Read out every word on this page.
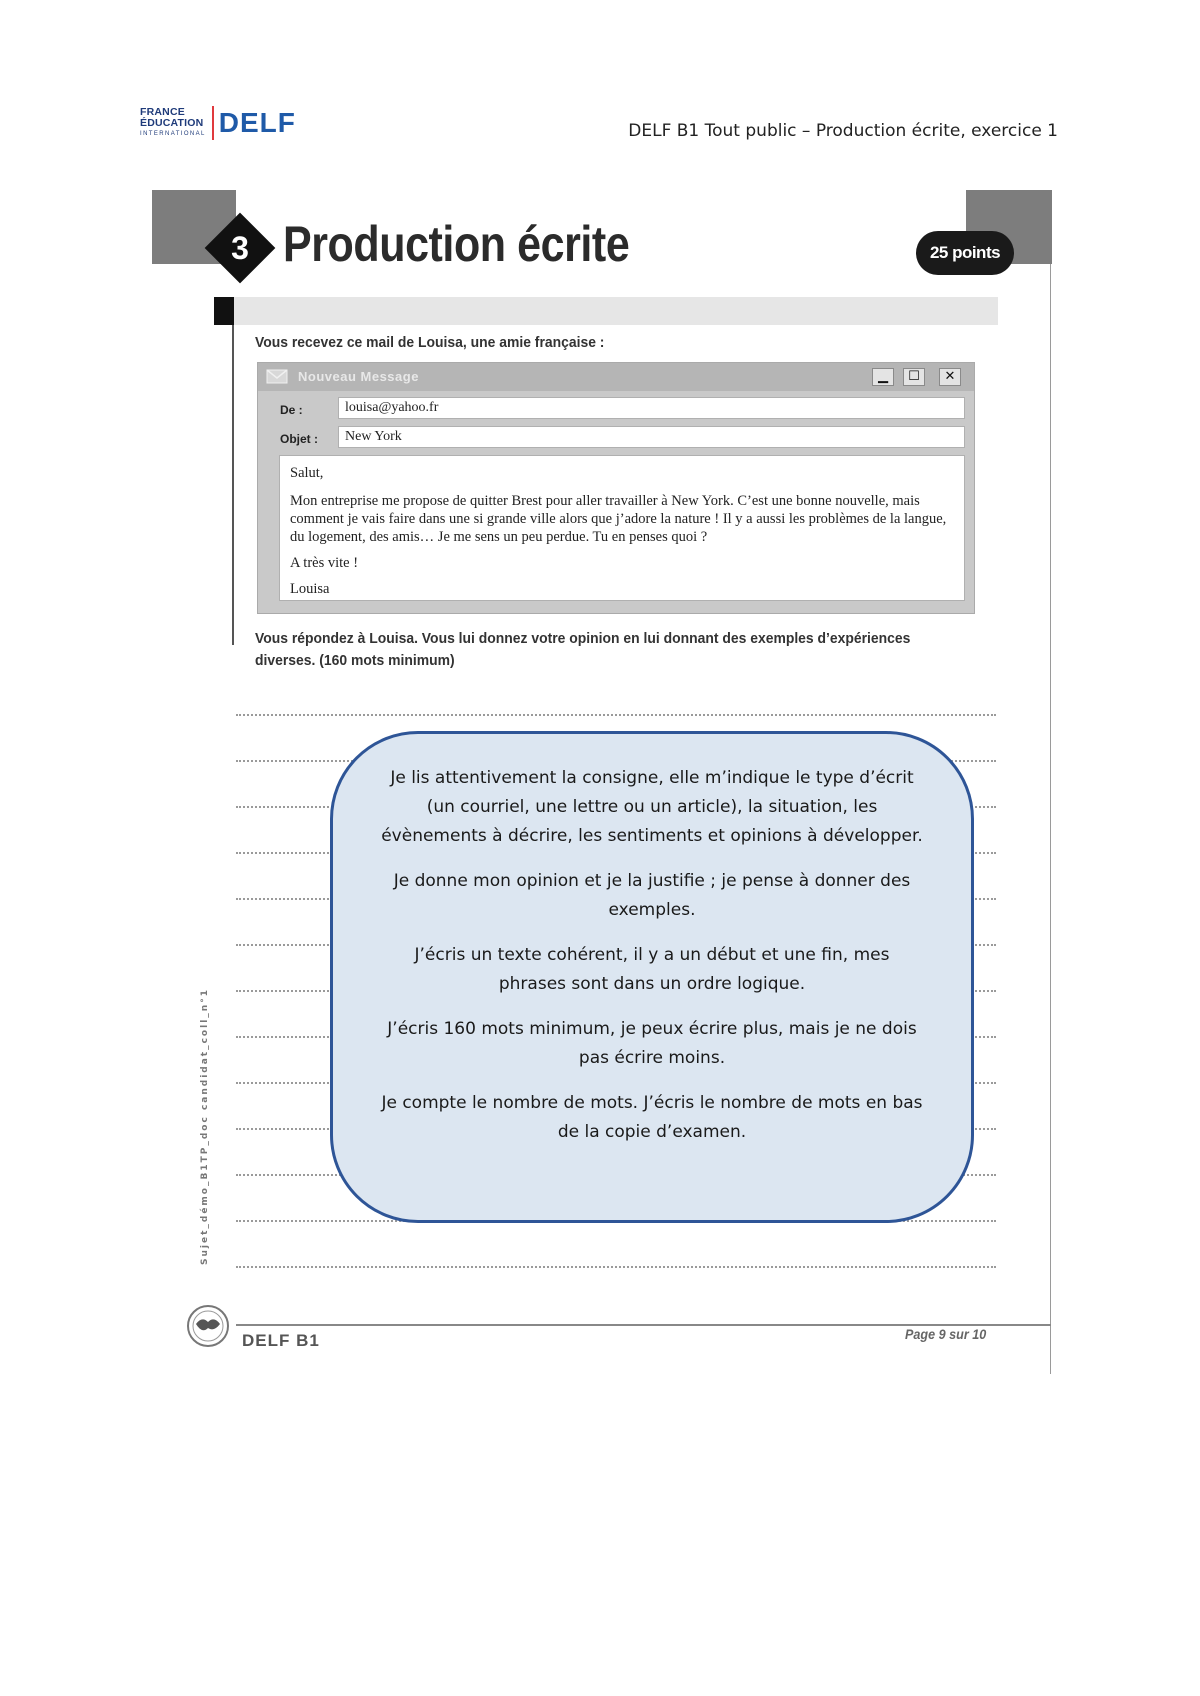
FRANCE
ÉDUCATION
INTERNATIONAL DELF	DELF B1 Tout public – Production écrite, exercice 1
3 Production écrite	25 points
Vous recevez ce mail de Louisa, une amie française :
Nouveau Message	▁	☐	✕
De :	louisa@yahoo.fr
Objet :	New York

Salut,

Mon entreprise me propose de quitter Brest pour aller travailler à New York. C’est une bonne nouvelle, mais comment je vais faire dans une si grande ville alors que j’adore la nature ! Il y a aussi les problèmes de la langue, du logement, des amis… Je me sens un peu perdue. Tu en penses quoi ?

A très vite !

Louisa

Vous répondez à Louisa. Vous lui donnez votre opinion en lui donnant des exemples d’expériences diverses. (160 mots minimum)

Je lis attentivement la consigne, elle m’indique le type d’écrit (un courriel, une lettre ou un article), la situation, les évènements à décrire, les sentiments et opinions à développer.

Je donne mon opinion et je la justifie ; je pense à donner des exemples.

J’écris un texte cohérent, il y a un début et une fin, mes phrases sont dans un ordre logique.

J’écris 160 mots minimum, je peux écrire plus, mais je ne dois pas écrire moins.

Je compte le nombre de mots. J’écris le nombre de mots en bas de la copie d’examen.

Sujet_démo_B1TP_doc candidat_coll_n°1
DELF B1	Page 9 sur 10
